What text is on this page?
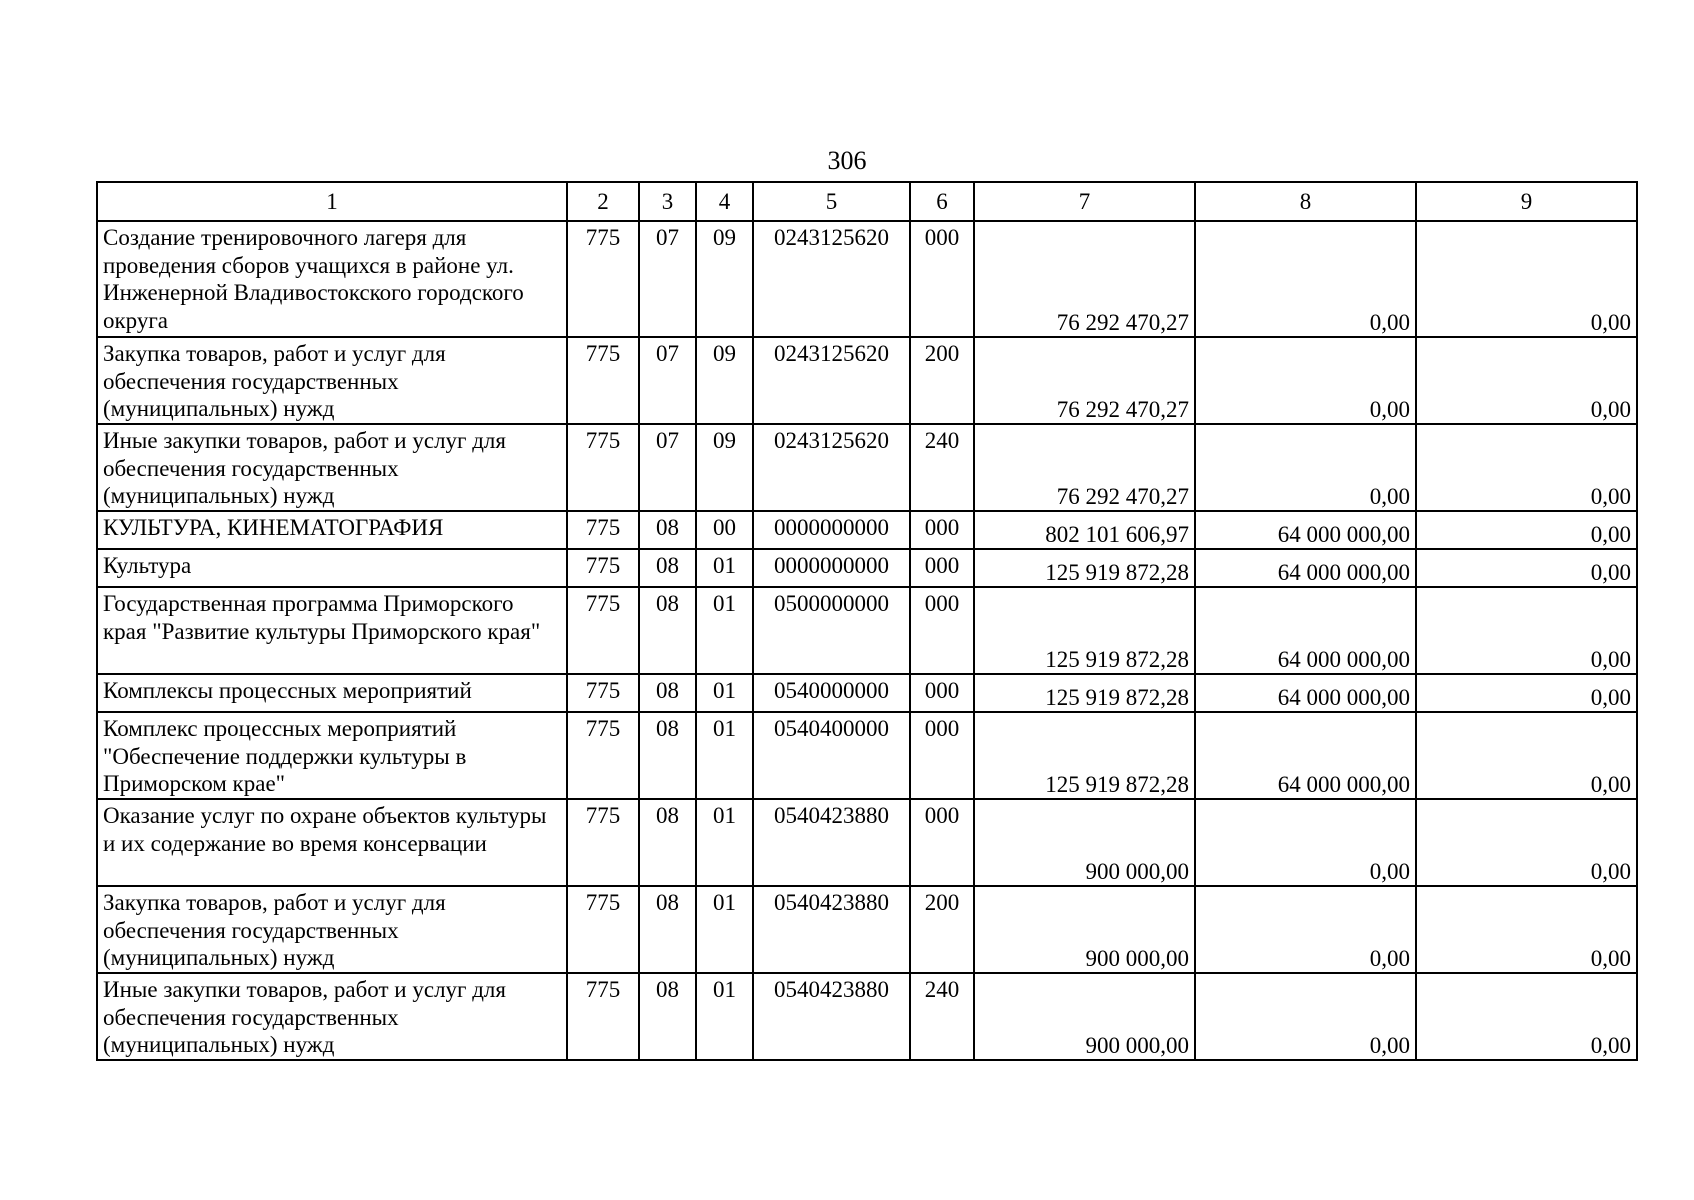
306
1	2	3	4	5	6	7	8	9
Создание тренировочного лагеря для проведения сборов учащихся в районе ул. Инженерной Владивостокского городского округа	775	07	09	0243125620	000	76 292 470,27	0,00	0,00
Закупка товаров, работ и услуг для обеспечения государственных (муниципальных) нужд	775	07	09	0243125620	200	76 292 470,27	0,00	0,00
Иные закупки товаров, работ и услуг для обеспечения государственных (муниципальных) нужд	775	07	09	0243125620	240	76 292 470,27	0,00	0,00
КУЛЬТУРА, КИНЕМАТОГРАФИЯ	775	08	00	0000000000	000	802 101 606,97	64 000 000,00	0,00
Культура	775	08	01	0000000000	000	125 919 872,28	64 000 000,00	0,00
Государственная программа Приморского края "Развитие культуры Приморского края"	775	08	01	0500000000	000	125 919 872,28	64 000 000,00	0,00
Комплексы процессных мероприятий	775	08	01	0540000000	000	125 919 872,28	64 000 000,00	0,00
Комплекс процессных мероприятий "Обеспечение поддержки культуры в Приморском крае"	775	08	01	0540400000	000	125 919 872,28	64 000 000,00	0,00
Оказание услуг по охране объектов культуры и их содержание во время консервации	775	08	01	0540423880	000	900 000,00	0,00	0,00
Закупка товаров, работ и услуг для обеспечения государственных (муниципальных) нужд	775	08	01	0540423880	200	900 000,00	0,00	0,00
Иные закупки товаров, работ и услуг для обеспечения государственных (муниципальных) нужд	775	08	01	0540423880	240	900 000,00	0,00	0,00
